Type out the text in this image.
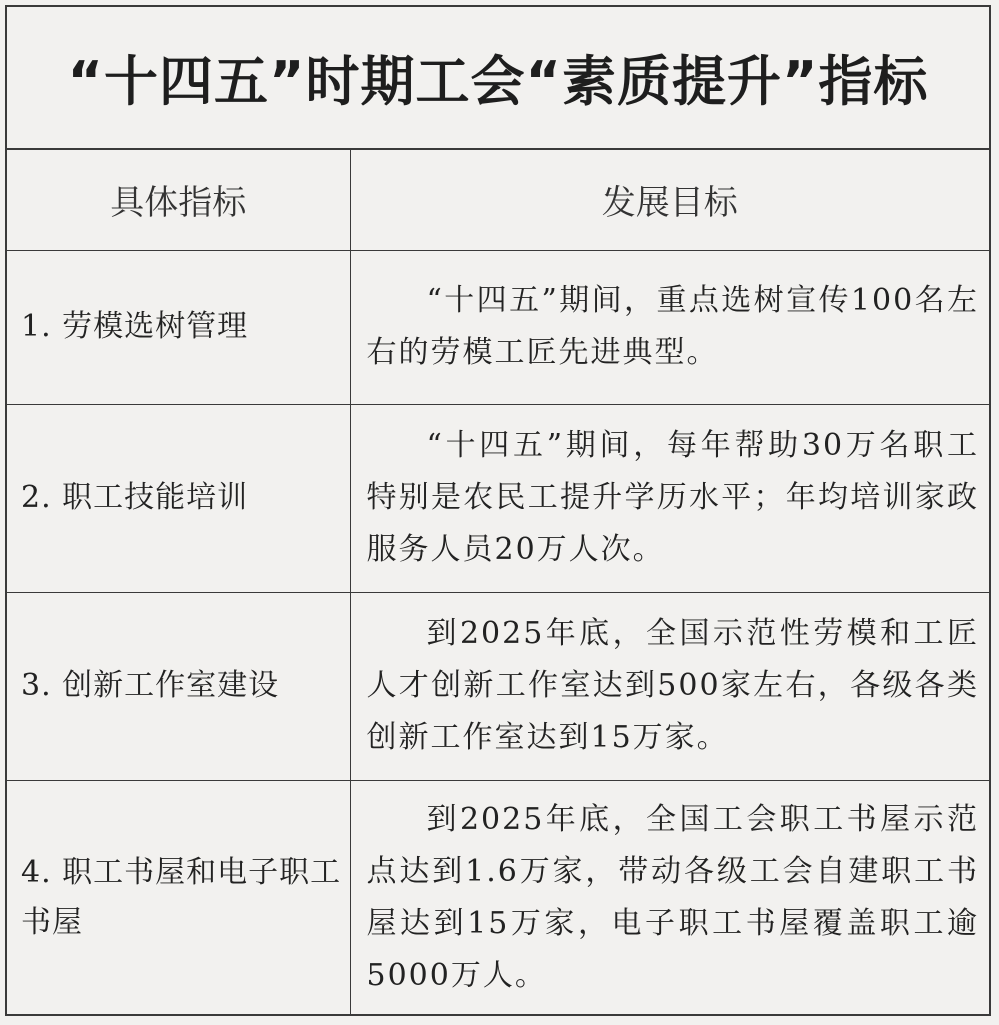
“十四五”时期工会“素质提升”指标
具体指标	发展目标
1. 劳模选树管理	“十四五”期间，重点选树宣传100名左右的劳模工匠先进典型。
2. 职工技能培训	“十四五”期间，每年帮助30万名职工特别是农民工提升学历水平；年均培训家政服务人员20万人次。
3. 创新工作室建设	到2025年底，全国示范性劳模和工匠人才创新工作室达到500家左右，各级各类创新工作室达到15万家。
4. 职工书屋和电子职工书屋	到2025年底，全国工会职工书屋示范点达到1.6万家，带动各级工会自建职工书屋达到15万家，电子职工书屋覆盖职工逾5000万人。
